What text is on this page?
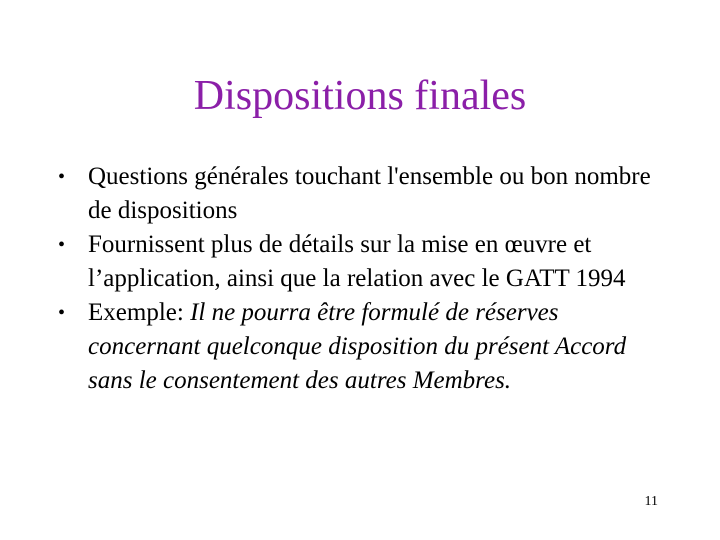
Dispositions finales
• Questions générales touchant l'ensemble ou bon nombre de dispositions
• Fournissent plus de détails sur la mise en œuvre et l’application, ainsi que la relation avec le GATT 1994
• Exemple: Il ne pourra être formulé de réserves concernant quelconque disposition du présent Accord sans le consentement des autres Membres.
11
